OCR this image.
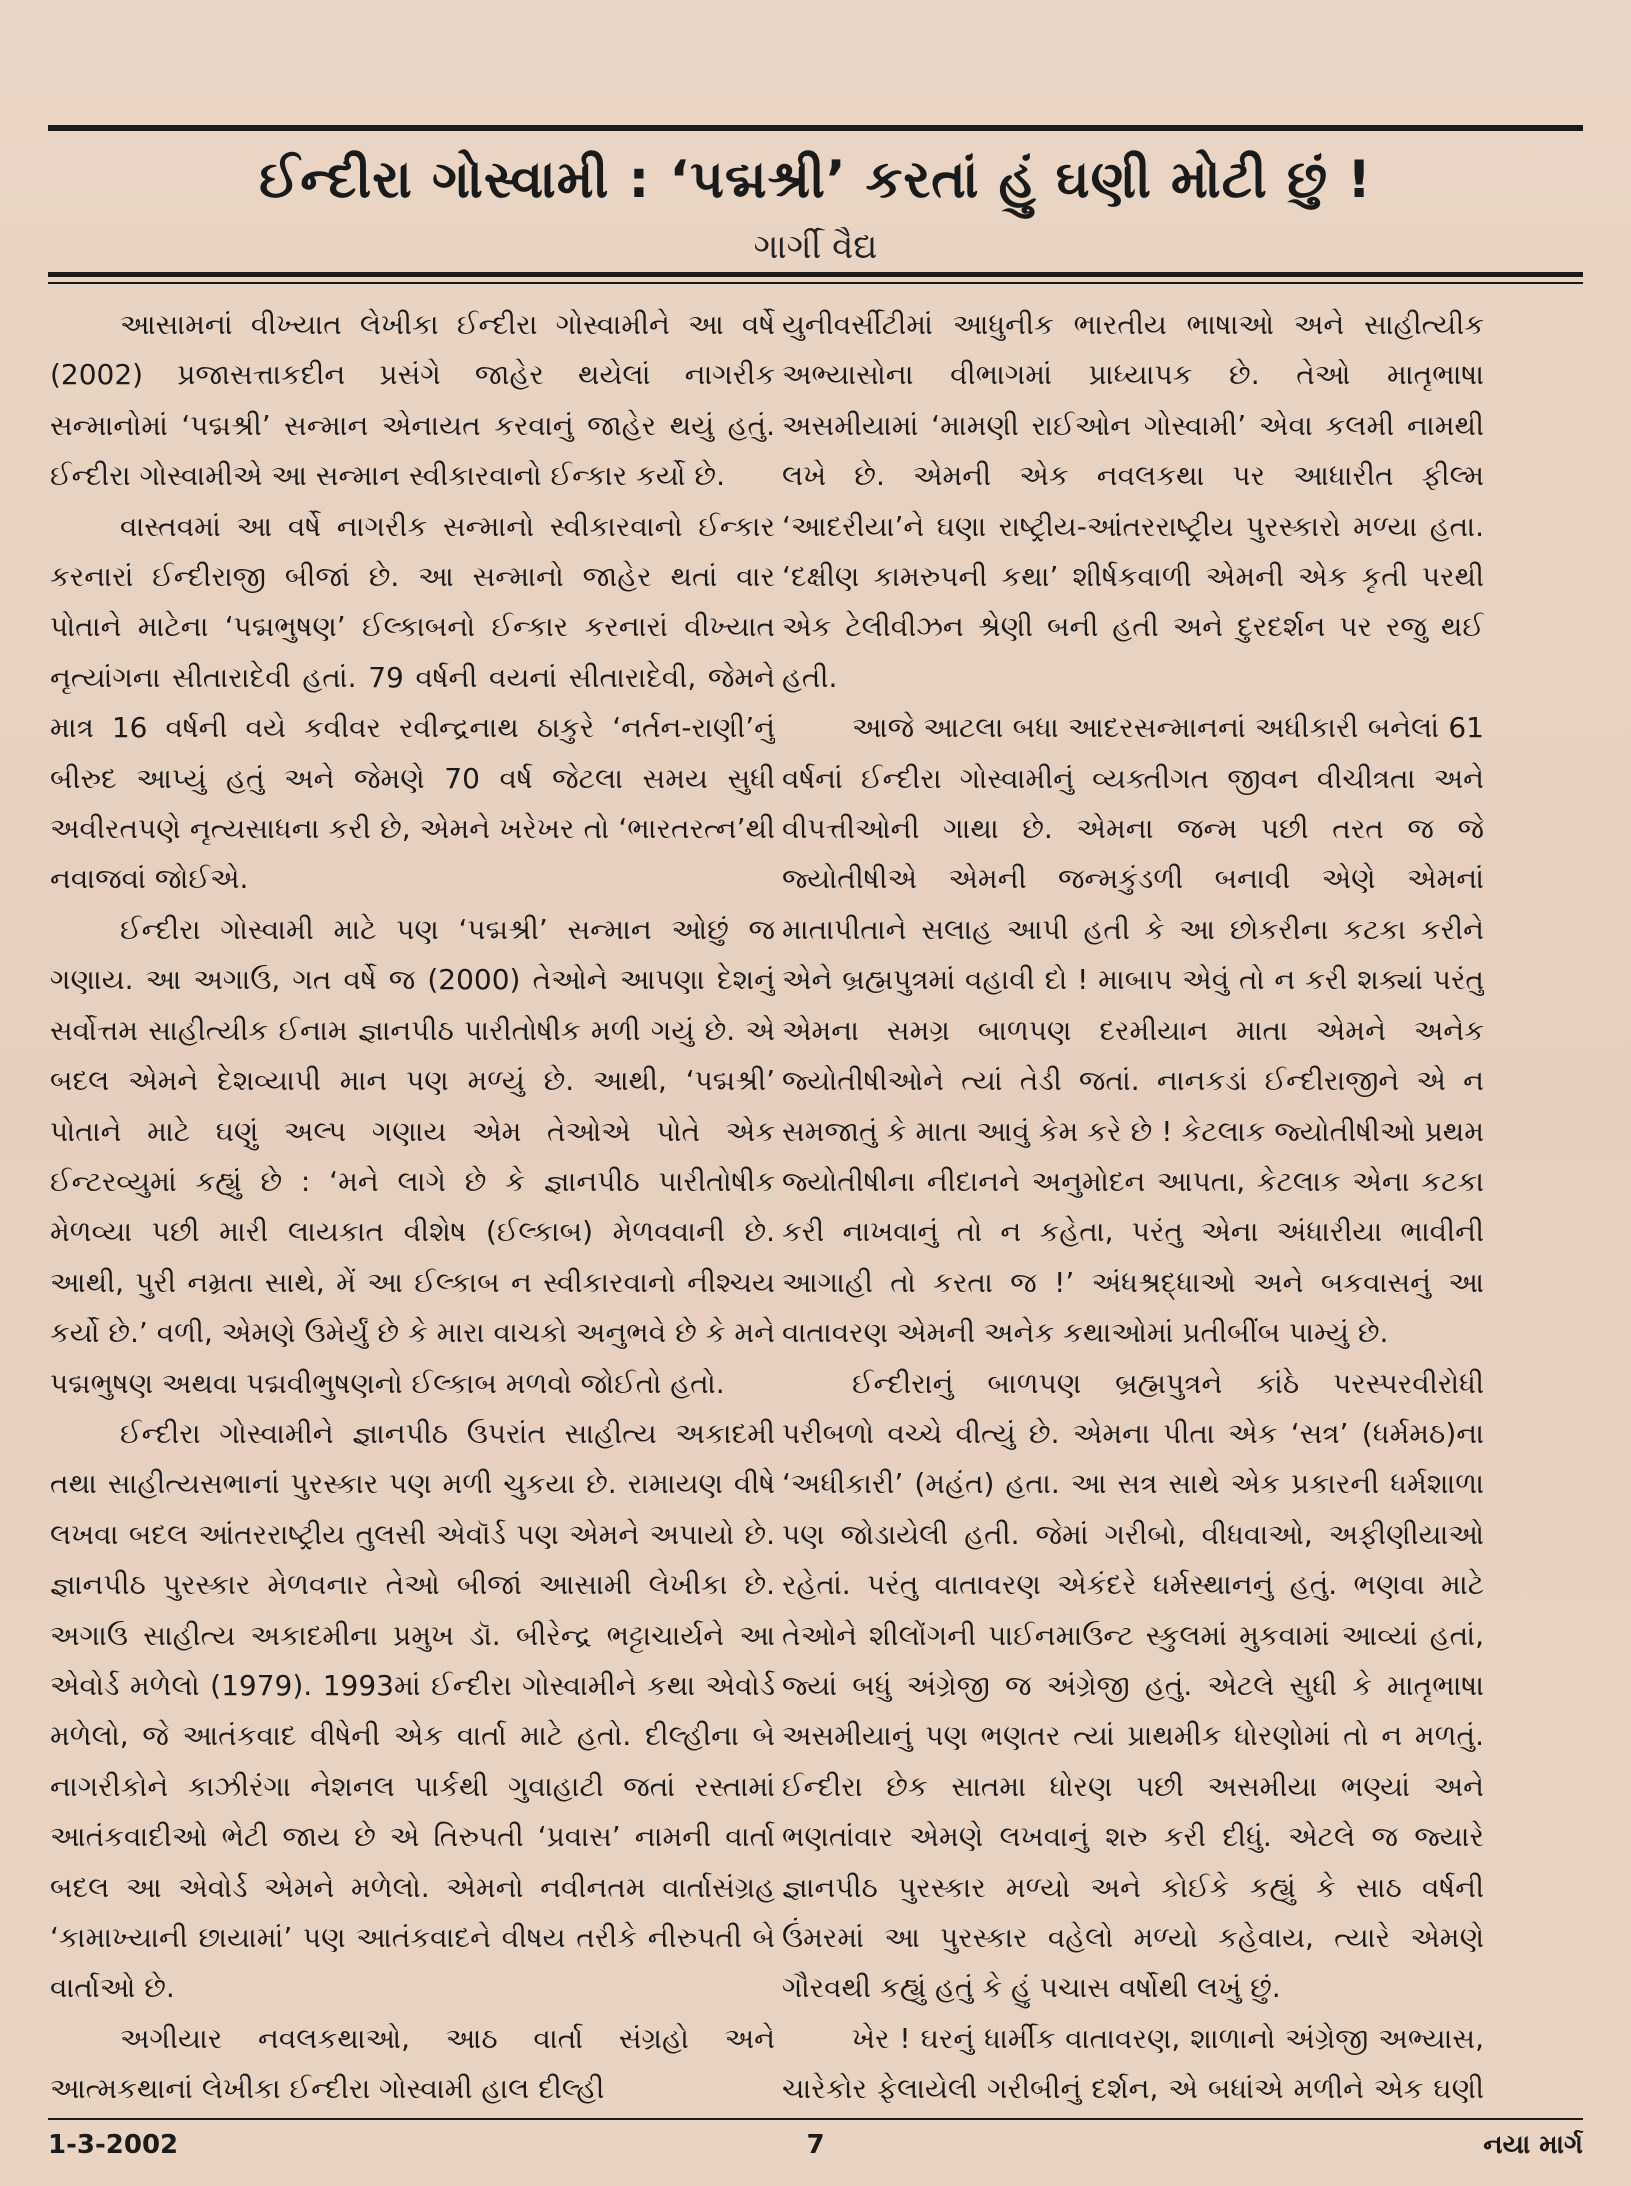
ઈન્દીરા ગોસ્વામી : ‘પદ્મશ્રી’ કરતાં હું ઘણી મોટી છું !
ગાર્ગી વૈદ્ય

આસામનાં વીખ્યાત લેખીકા ઈન્દીરા ગોસ્વામીને આ વર્ષે (2002) પ્રજાસત્તાકદીન પ્રસંગે જાહેર થયેલાં નાગરીક સન્માનોમાં ‘પદ્મશ્રી’ સન્માન એનાયત કરવાનું જાહેર થયું હતું. ઈન્દીરા ગોસ્વામીએ આ સન્માન સ્વીકારવાનો ઈન્કાર કર્યો છે.

વાસ્તવમાં આ વર્ષે નાગરીક સન્માનો સ્વીકારવાનો ઈન્કાર કરનારાં ઈન્દીરાજી બીજાં છે. આ સન્માનો જાહેર થતાં વાર પોતાને માટેના ‘પદ્મભુષણ’ ઈલ્કાબનો ઈન્કાર કરનારાં વીખ્યાત નૃત્યાંગના સીતારાદેવી હતાં. 79 વર્ષની વયનાં સીતારાદેવી, જેમને માત્ર 16 વર્ષની વયે કવીવર રવીન્દ્રનાથ ઠાકુરે ‘નર્તન-રાણી’નું બીરુદ આપ્યું હતું અને જેમણે 70 વર્ષ જેટલા સમય સુધી અવીરતપણે નૃત્યસાધના કરી છે, એમને ખરેખર તો ‘ભારતરત્ન’થી નવાજવાં જોઈએ.

ઈન્દીરા ગોસ્વામી માટે પણ ‘પદ્મશ્રી’ સન્માન ઓછું જ ગણાય. આ અગાઉ, ગત વર્ષે જ (2000) તેઓને આપણા દેશનું સર્વોત્તમ સાહીત્યીક ઈનામ જ્ઞાનપીઠ પારીતોષીક મળી ગયું છે. એ બદલ એમને દેશવ્યાપી માન પણ મળ્યું છે. આથી, ‘પદ્મશ્રી’ પોતાને માટે ઘણું અલ્પ ગણાય એમ તેઓએ પોતે એક ઈન્ટરવ્યુમાં કહ્યું છે : ‘મને લાગે છે કે જ્ઞાનપીઠ પારીતોષીક મેળવ્યા પછી મારી લાયકાત વીશેષ (ઈલ્કાબ) મેળવવાની છે. આથી, પુરી નમ્રતા સાથે, મેં આ ઈલ્કાબ ન સ્વીકારવાનો નીશ્ચય કર્યો છે.’ વળી, એમણે ઉમેર્યું છે કે મારા વાચકો અનુભવે છે કે મને પદ્મભુષણ અથવા પદ્મવીભુષણનો ઈલ્કાબ મળવો જોઈતો હતો.

ઈન્દીરા ગોસ્વામીને જ્ઞાનપીઠ ઉપરાંત સાહીત્ય અકાદમી તથા સાહીત્યસભાનાં પુરસ્કાર પણ મળી ચુકયા છે. રામાયણ વીષે લખવા બદલ આંતરરાષ્ટ્રીય તુલસી એવૉર્ડ પણ એમને અપાયો છે. જ્ઞાનપીઠ પુરસ્કાર મેળવનાર તેઓ બીજાં આસામી લેખીકા છે. અગાઉ સાહીત્ય અકાદમીના પ્રમુખ ડૉ. બીરેન્દ્ર ભટ્ટાચાર્યને આ એવોર્ડ મળેલો (1979). 1993માં ઈન્દીરા ગોસ્વામીને કથા એવોર્ડ મળેલો, જે આતંકવાદ વીષેની એક વાર્તા માટે હતો. દીલ્હીના બે નાગરીકોને કાઝીરંગા નેશનલ પાર્કથી ગુવાહાટી જતાં રસ્તામાં આતંકવાદીઓ ભેટી જાય છે એ તિરુપતી ‘પ્રવાસ’ નામની વાર્તા બદલ આ એવોર્ડ એમને મળેલો. એમનો નવીનતમ વાર્તાસંગ્રહ ‘કામાખ્યાની છાયામાં’ પણ આતંકવાદને વીષય તરીકે નીરુપતી બે વાર્તાઓ છે.

અગીયાર નવલકથાઓ, આઠ વાર્તા સંગ્રહો અને આત્મકથાનાં લેખીકા ઈન્દીરા ગોસ્વામી હાલ દીલ્હી

યુનીવર્સીટીમાં આધુનીક ભારતીય ભાષાઓ અને સાહીત્યીક અભ્યાસોના વીભાગમાં પ્રાધ્યાપક છે. તેઓ માતૃભાષા અસમીયામાં ‘મામણી રાઈઓન ગોસ્વામી’ એવા કલમી નામથી લખે છે. એમની એક નવલકથા પર આધારીત ફીલ્મ ‘આદરીયા’ને ઘણા રાષ્ટ્રીય-આંતરરાષ્ટ્રીય પુરસ્કારો મળ્યા હતા. ‘દક્ષીણ કામરુપની કથા’ શીર્ષકવાળી એમની એક કૃતી પરથી એક ટેલીવીઝન શ્રેણી બની હતી અને દુરદર્શન પર રજુ થઈ હતી.

આજે આટલા બધા આદરસન્માનનાં અધીકારી બનેલાં 61 વર્ષનાં ઈન્દીરા ગોસ્વામીનું વ્યક્તીગત જીવન વીચીત્રતા અને વીપત્તીઓની ગાથા છે. એમના જન્મ પછી તરત જ જે જ્યોતીષીએ એમની જન્મકુંડળી બનાવી એણે એમનાં માતાપીતાને સલાહ આપી હતી કે આ છોકરીના કટકા કરીને એને બ્રહ્મપુત્રમાં વહાવી દો ! માબાપ એવું તો ન કરી શક્યાં પરંતુ એમના સમગ્ર બાળપણ દરમીયાન માતા એમને અનેક જ્યોતીષીઓને ત્યાં તેડી જતાં. નાનકડાં ઈન્દીરાજીને એ ન સમજાતું કે માતા આવું કેમ કરે છે ! કેટલાક જ્યોતીષીઓ પ્રથમ જ્યોતીષીના નીદાનને અનુમોદન આપતા, કેટલાક એના કટકા કરી નાખવાનું તો ન કહેતા, પરંતુ એના અંધારીયા ભાવીની આગાહી તો કરતા જ !’ અંધશ્રદ્ધાઓ અને બકવાસનું આ વાતાવરણ એમની અનેક કથાઓમાં પ્રતીબીંબ પામ્યું છે.

ઈન્દીરાનું બાળપણ બ્રહ્મપુત્રને કાંઠે પરસ્પરવીરોધી પરીબળો વચ્ચે વીત્યું છે. એમના પીતા એક ‘સત્ર’ (ધર્મમઠ)ના ‘અધીકારી’ (મહંત) હતા. આ સત્ર સાથે એક પ્રકારની ધર્મશાળા પણ જોડાયેલી હતી. જેમાં ગરીબો, વીધવાઓ, અફીણીયાઓ રહેતાં. પરંતુ વાતાવરણ એકંદરે ધર્મસ્થાનનું હતું. ભણવા માટે તેઓને શીલોંગની પાઈનમાઉન્ટ સ્કુલમાં મુકવામાં આવ્યાં હતાં, જ્યાં બધું અંગ્રેજી જ અંગ્રેજી હતું. એટલે સુધી કે માતૃભાષા અસમીયાનું પણ ભણતર ત્યાં પ્રાથમીક ધોરણોમાં તો ન મળતું. ઈન્દીરા છેક સાતમા ધોરણ પછી અસમીયા ભણ્યાં અને ભણતાંવાર એમણે લખવાનું શરુ કરી દીધું. એટલે જ જ્યારે જ્ઞાનપીઠ પુરસ્કાર મળ્યો અને કોઈકે કહ્યું કે સાઠ વર્ષની ઉંમરમાં આ પુરસ્કાર વહેલો મળ્યો કહેવાય, ત્યારે એમણે ગૌરવથી કહ્યું હતું કે હું પચાસ વર્ષોથી લખું છું.

ખેર ! ઘરનું ધાર્મીક વાતાવરણ, શાળાનો અંગ્રેજી અભ્યાસ, ચારેકોર ફેલાયેલી ગરીબીનું દર્શન, એ બધાંએ મળીને એક ઘણી

1-3-2002	7	નયા માર્ગ
